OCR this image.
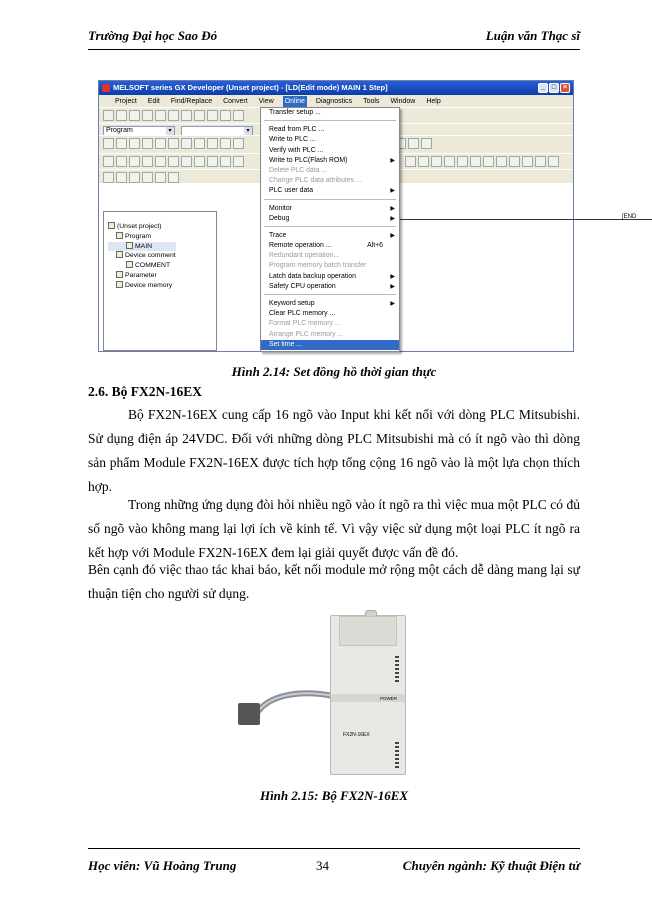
Trường Đại học Sao Đỏ	Luận văn Thạc sĩ
MELSOFT series GX Developer (Unset project) - [LD(Edit mode) MAIN 1 Step]	_ □ ×
Project Edit Find/Replace Convert View Online Diagnostics Tools Window Help
Program ▾
▾
(Unset project)
Program
MAIN
Device comment
COMMENT
Parameter
Device memory
[END
Transfer setup ...
Read from PLC ...
Write to PLC ...
Verify with PLC ...
Write to PLC(Flash ROM)	▶
Delete PLC data ...
Change PLC data attributes ...
PLC user data	▶
Monitor	▶
Debug	▶
Trace	▶
Remote operation ...	Alt+6
Redundant operation...
Program memory batch transfer
Latch data backup operation	▶
Safety CPU operation	▶
Keyword setup	▶
Clear PLC memory ...
Format PLC memory ...
Arrange PLC memory ...
Set time ...
Hình 2.14: Set đồng hồ thời gian thực
2.6. Bộ FX2N-16EX
Bộ FX2N-16EX cung cấp 16 ngõ vào Input khi kết nối với dòng PLC Mitsubishi. Sử dụng điện áp 24VDC. Đối với những dòng PLC Mitsubishi mà có ít ngõ vào thì dòng sản phẩm Module FX2N-16EX được tích hợp tổng cộng 16 ngõ vào là một lựa chọn thích hợp.
Trong những ứng dụng đòi hỏi nhiều ngõ vào ít ngõ ra thì việc mua một PLC có đủ số ngõ vào không mang lại lợi ích về kinh tế. Vì vậy việc sử dụng một loại PLC ít ngõ ra kết hợp với Module FX2N-16EX đem lại giải quyết được vấn đề đó.
Bên cạnh đó việc thao tác khai báo, kết nối module mở rộng một cách dễ dàng mang lại sự thuận tiện cho người sử dụng.
POWER
FX2N-16EX
Hình 2.15: Bộ FX2N-16EX
Học viên: Vũ Hoàng Trung	34	Chuyên ngành: Kỹ thuật Điện tử
